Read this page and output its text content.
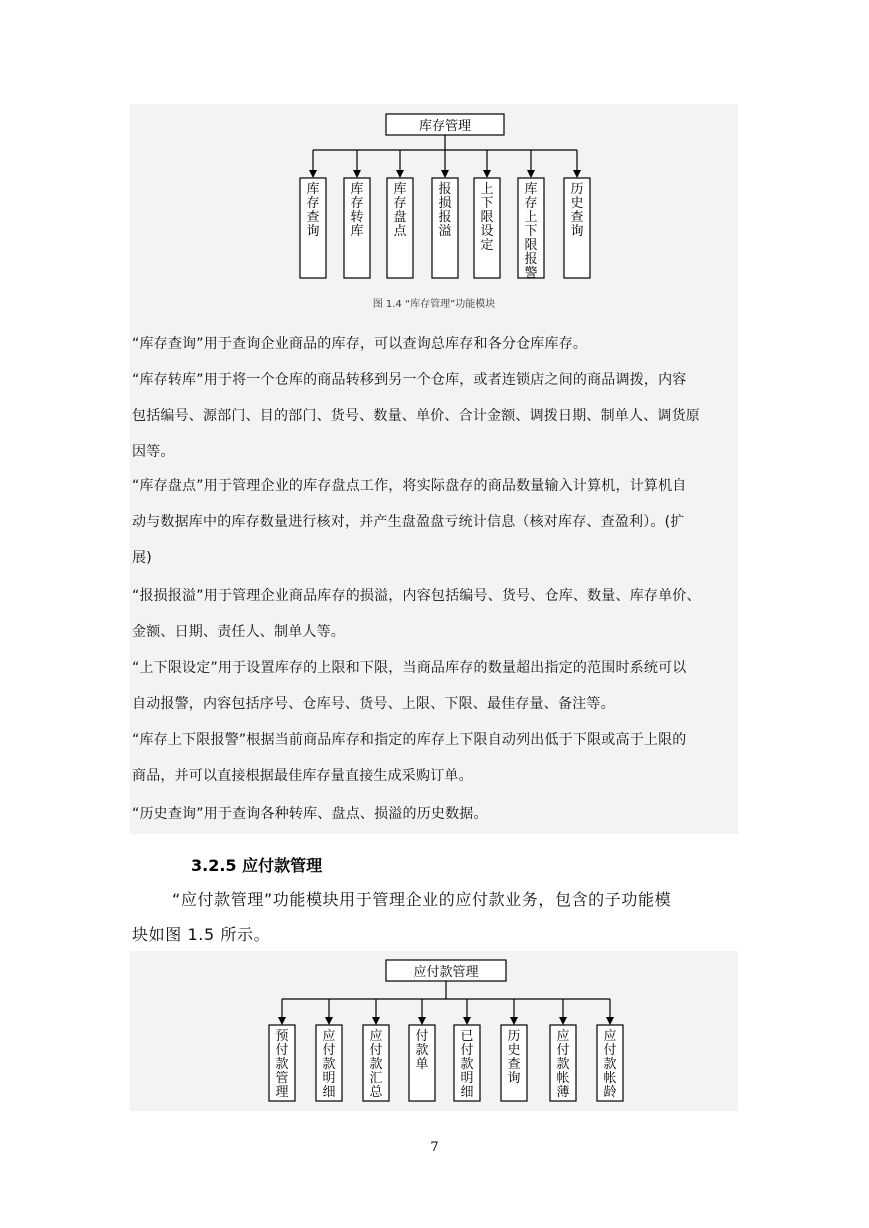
库存管理
库存查询
库存转库
库存盘点
报损报溢
上下限设定
库存上下限报警
历史查询
图 1.4 “库存管理”功能模块
“库存查询”用于查询企业商品的库存，可以查询总库存和各分仓库库存。
“库存转库”用于将一个仓库的商品转移到另一个仓库，或者连锁店之间的商品调拨，内容
包括编号、源部门、目的部门、货号、数量、单价、合计金额、调拨日期、制单人、调货原
因等。
“库存盘点”用于管理企业的库存盘点工作，将实际盘存的商品数量输入计算机，计算机自
动与数据库中的库存数量进行核对，并产生盘盈盘亏统计信息（核对库存、查盈利）。(扩
展)
“报损报溢”用于管理企业商品库存的损溢，内容包括编号、货号、仓库、数量、库存单价、
金额、日期、责任人、制单人等。
“上下限设定”用于设置库存的上限和下限，当商品库存的数量超出指定的范围时系统可以
自动报警，内容包括序号、仓库号、货号、上限、下限、最佳存量、备注等。
“库存上下限报警”根据当前商品库存和指定的库存上下限自动列出低于下限或高于上限的
商品，并可以直接根据最佳库存量直接生成采购订单。
“历史查询”用于查询各种转库、盘点、损溢的历史数据。
3.2.5 应付款管理
“应付款管理”功能模块用于管理企业的应付款业务，包含的子功能模
块如图 1.5 所示。
应付款管理
预付款管理
应付款明细
应付款汇总
付款单
已付款明细
历史查询
应付款帐薄
应付款帐龄
7
